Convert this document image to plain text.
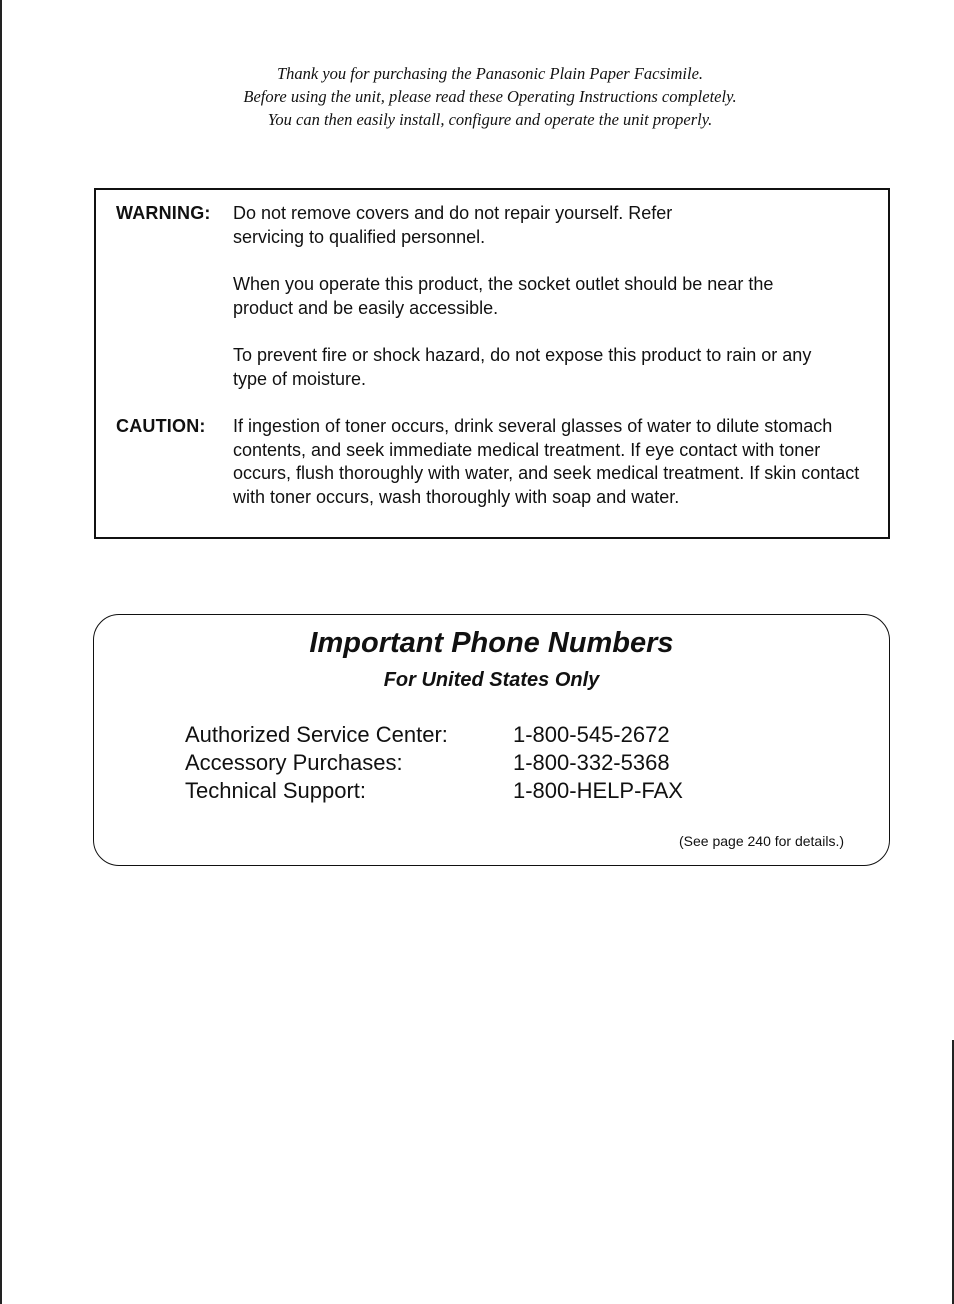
Thank you for purchasing the Panasonic Plain Paper Facsimile.
Before using the unit, please read these Operating Instructions completely.
You can then easily install, configure and operate the unit properly.
WARNING: Do not remove covers and do not repair yourself. Refer servicing to qualified personnel.

When you operate this product, the socket outlet should be near the product and be easily accessible.

To prevent fire or shock hazard, do not expose this product to rain or any type of moisture.

CAUTION: If ingestion of toner occurs, drink several glasses of water to dilute stomach contents, and seek immediate medical treatment. If eye contact with toner occurs, flush thoroughly with water, and seek medical treatment. If skin contact with toner occurs, wash thoroughly with soap and water.

Important Phone Numbers
For United States Only
Authorized Service Center:	1-800-545-2672
Accessory Purchases:	1-800-332-5368
Technical Support:	1-800-HELP-FAX
(See page 240 for details.)
